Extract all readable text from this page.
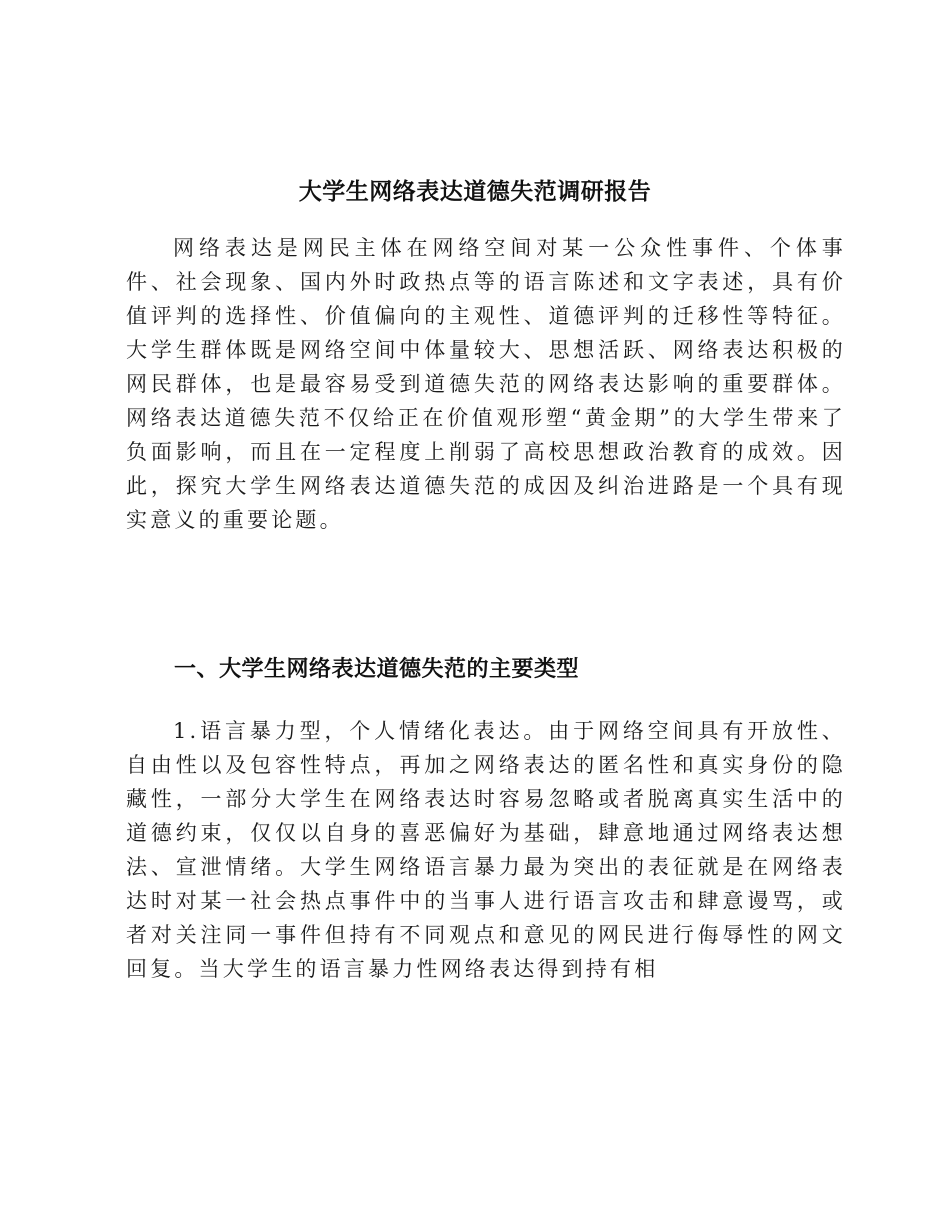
大学生网络表达道德失范调研报告

网络表达是网民主体在网络空间对某一公众性事件、个体事件、社会现象、国内外时政热点等的语言陈述和文字表述，具有价值评判的选择性、价值偏向的主观性、道德评判的迁移性等特征。大学生群体既是网络空间中体量较大、思想活跃、网络表达积极的网民群体，也是最容易受到道德失范的网络表达影响的重要群体。网络表达道德失范不仅给正在价值观形塑“黄金期”的大学生带来了负面影响，而且在一定程度上削弱了高校思想政治教育的成效。因此，探究大学生网络表达道德失范的成因及纠治进路是一个具有现实意义的重要论题。

一、大学生网络表达道德失范的主要类型

1.语言暴力型，个人情绪化表达。由于网络空间具有开放性、自由性以及包容性特点，再加之网络表达的匿名性和真实身份的隐藏性，一部分大学生在网络表达时容易忽略或者脱离真实生活中的道德约束，仅仅以自身的喜恶偏好为基础，肆意地通过网络表达想法、宣泄情绪。大学生网络语言暴力最为突出的表征就是在网络表达时对某一社会热点事件中的当事人进行语言攻击和肆意谩骂，或者对关注同一事件但持有不同观点和意见的网民进行侮辱性的网文回复。当大学生的语言暴力性网络表达得到持有相
